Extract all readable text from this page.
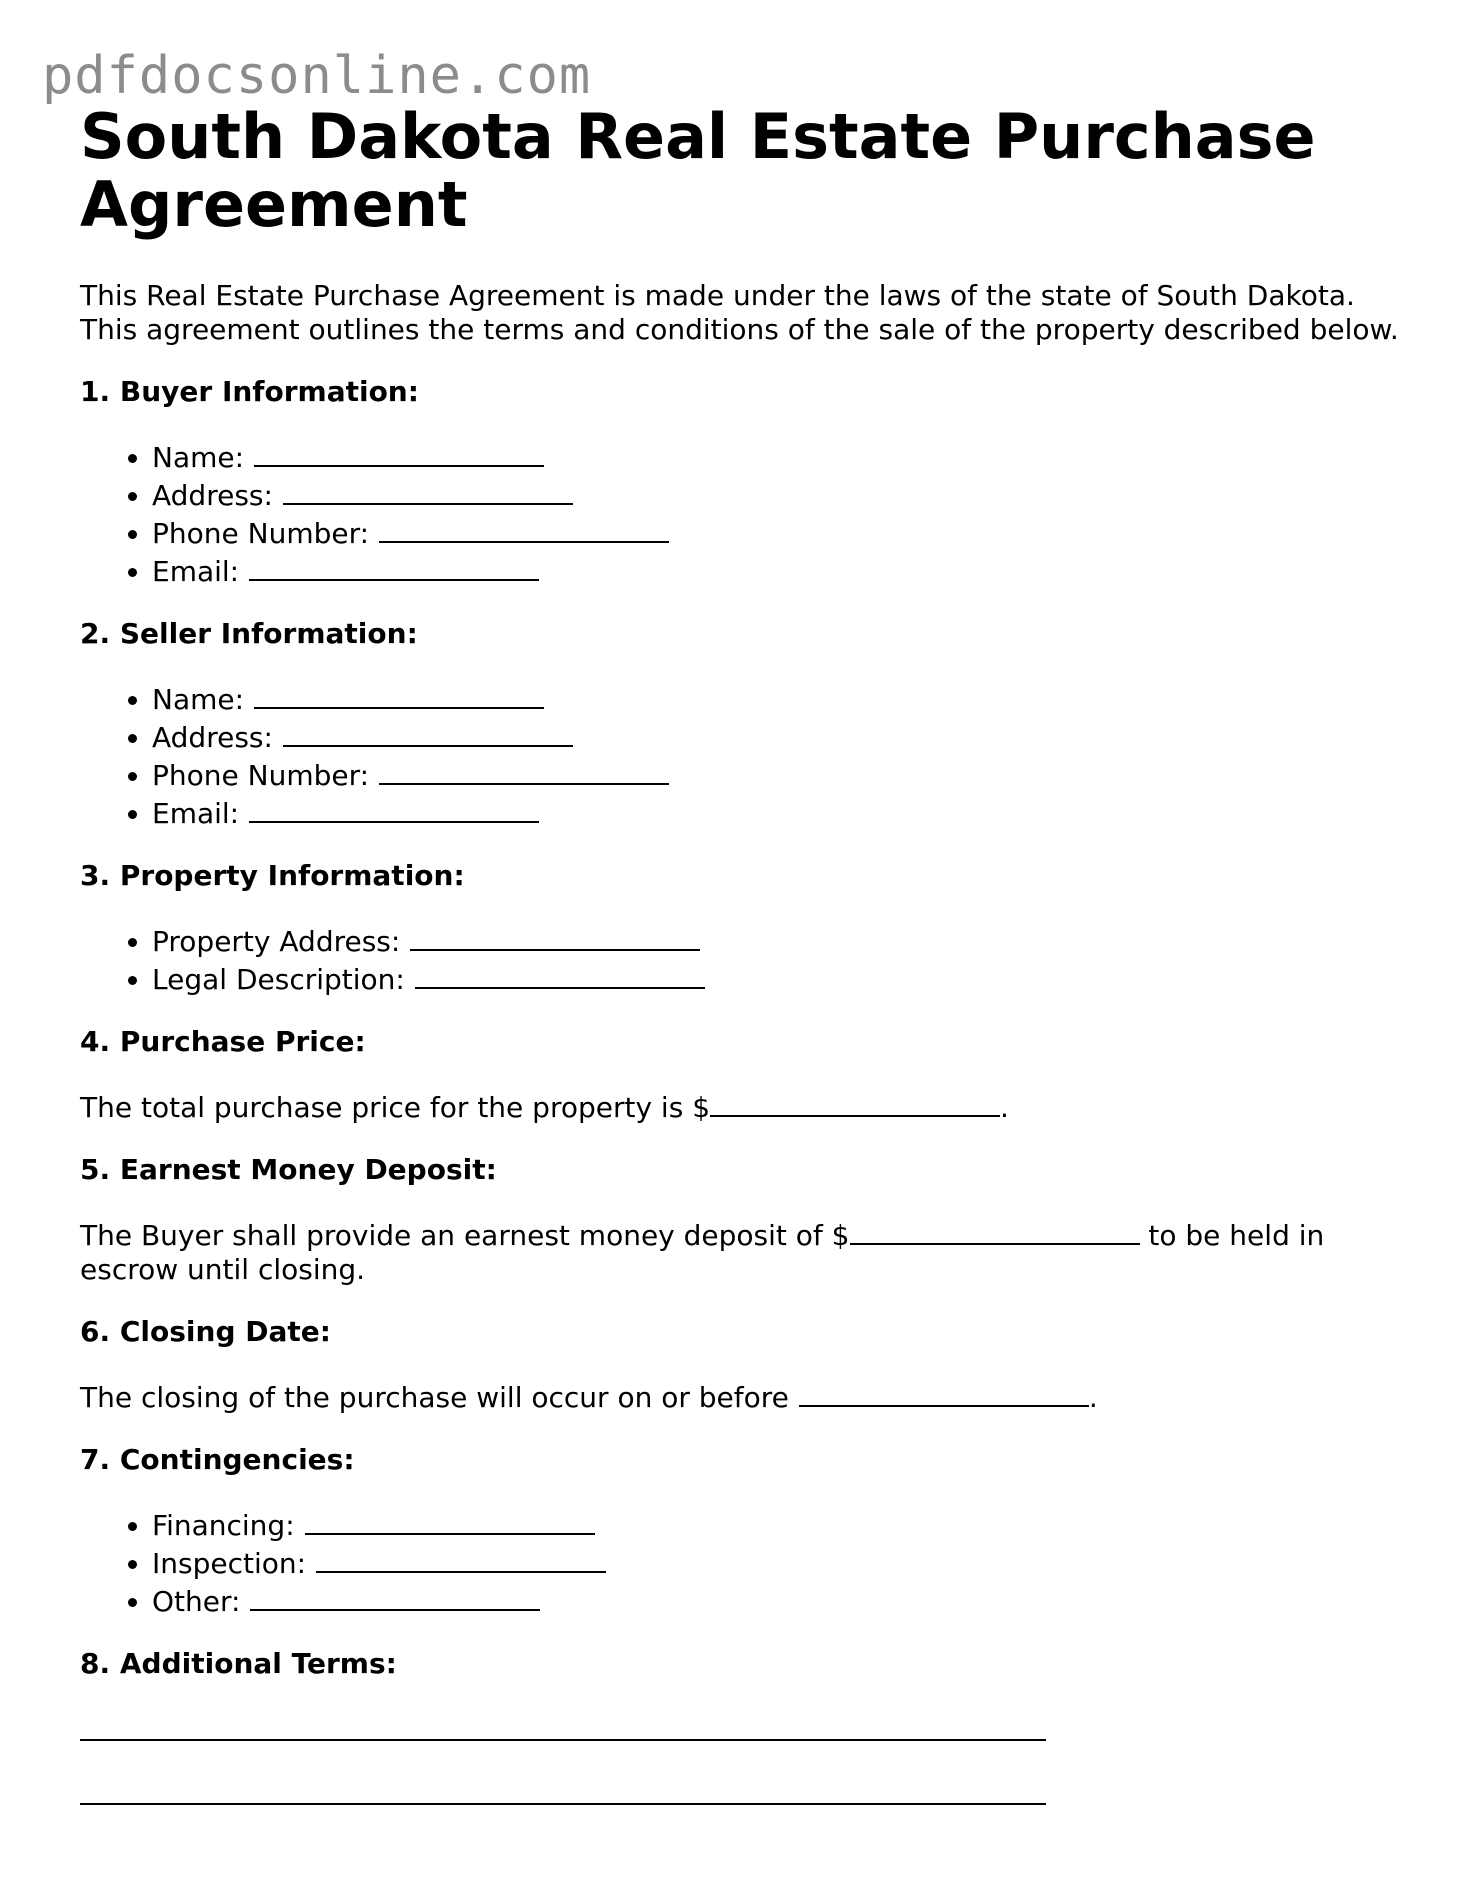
pdfdocsonline.com
South Dakota Real Estate Purchase Agreement

This Real Estate Purchase Agreement is made under the laws of the state of South Dakota. This agreement outlines the terms and conditions of the sale of the property described below.

1. Buyer Information:
• Name:
• Address:
• Phone Number:
• Email:
2. Seller Information:
• Name:
• Address:
• Phone Number:
• Email:
3. Property Information:
• Property Address:
• Legal Description:
4. Purchase Price:

The total purchase price for the property is $	.

5. Earnest Money Deposit:

The Buyer shall provide an earnest money deposit of $	to be held in escrow until closing.

6. Closing Date:

The closing of the purchase will occur on or before	.

7. Contingencies:
• Financing:
• Inspection:
• Other:
8. Additional Terms:
